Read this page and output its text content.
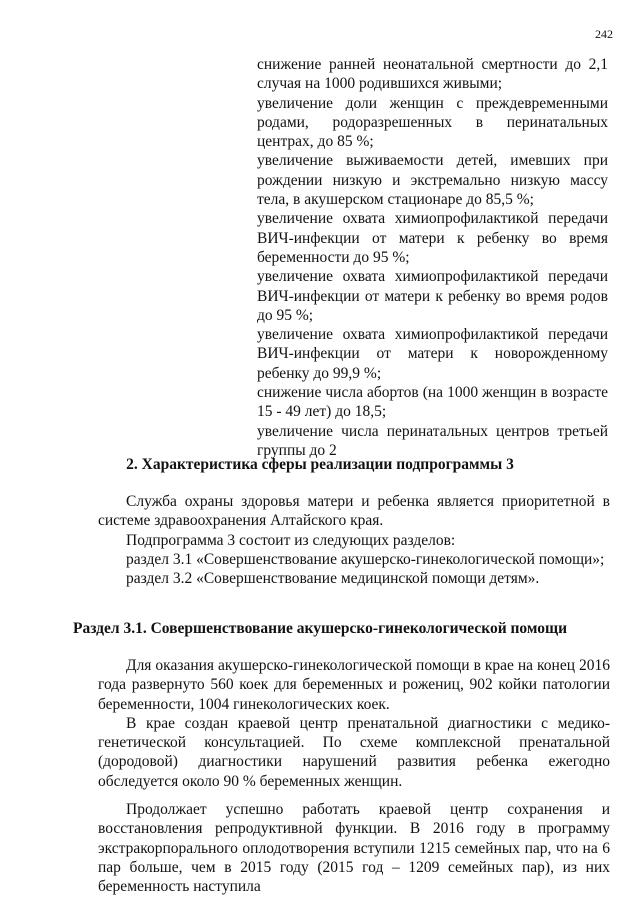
242

снижение ранней неонатальной смертности до 2,1 случая на 1000 родившихся живыми;

увеличение доли женщин с преждевременными родами, родоразрешенных в перинатальных центрах, до 85 %;

увеличение выживаемости детей, имевших при рождении низкую и экстремально низкую массу тела, в акушерском стационаре до 85,5 %;

увеличение охвата химиопрофилактикой передачи ВИЧ-инфекции от матери к ребенку во время беременности до 95 %;

увеличение охвата химиопрофилактикой передачи ВИЧ-инфекции от матери к ребенку во время родов до 95 %;

увеличение охвата химиопрофилактикой передачи ВИЧ-инфекции от матери к новорожденному ребенку до 99,9 %;

снижение числа абортов (на 1000 женщин в возрасте 15 - 49 лет) до 18,5;

увеличение числа перинатальных центров третьей группы до 2

2. Характеристика сферы реализации подпрограммы 3

Служба охраны здоровья матери и ребенка является приоритетной в системе здравоохранения Алтайского края.

Подпрограмма 3 состоит из следующих разделов:

раздел 3.1 «Совершенствование акушерско-гинекологической помощи»;

раздел 3.2 «Совершенствование медицинской помощи детям».

Раздел 3.1. Совершенствование акушерско-гинекологической помощи

Для оказания акушерско-гинекологической помощи в крае на конец 2016 года развернуто 560 коек для беременных и рожениц, 902 койки патологии беременности, 1004 гинекологических коек.

В крае создан краевой центр пренатальной диагностики с медико-генетической консультацией. По схеме комплексной пренатальной (дородовой) диагностики нарушений развития ребенка ежегодно обследуется около 90 % беременных женщин.

Продолжает успешно работать краевой центр сохранения и восстановления репродуктивной функции. В 2016 году в программу экстракорпорального оплодотворения вступили 1215 семейных пар, что на 6 пар больше, чем в 2015 году (2015 год – 1209 семейных пар), из них беременность наступила
